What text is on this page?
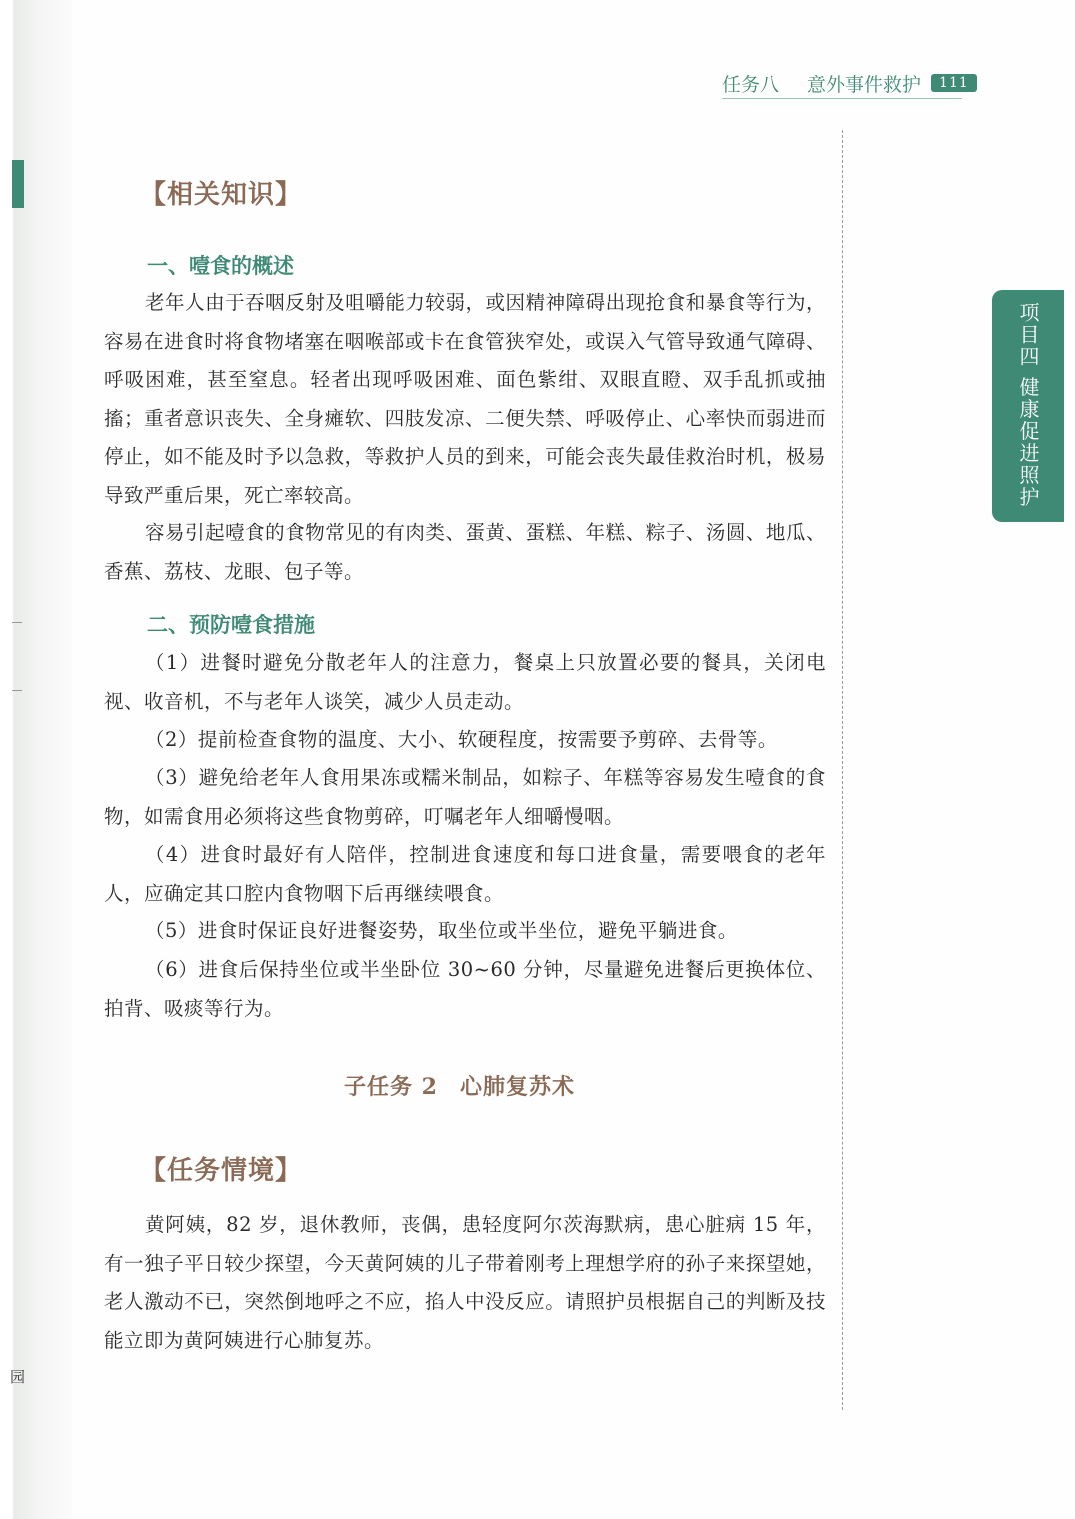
园
任务八 意外事件救护	111
项目四 健康促进照护
【相关知识】
一、噎食的概述
老年人由于吞咽反射及咀嚼能力较弱，或因精神障碍出现抢食和暴食等行为，容易在进食时将食物堵塞在咽喉部或卡在食管狭窄处，或误入气管导致通气障碍、呼吸困难，甚至窒息。轻者出现呼吸困难、面色紫绀、双眼直瞪、双手乱抓或抽搐；重者意识丧失、全身瘫软、四肢发凉、二便失禁、呼吸停止、心率快而弱进而停止，如不能及时予以急救，等救护人员的到来，可能会丧失最佳救治时机，极易导致严重后果，死亡率较高。
容易引起噎食的食物常见的有肉类、蛋黄、蛋糕、年糕、粽子、汤圆、地瓜、香蕉、荔枝、龙眼、包子等。
二、预防噎食措施
（1）进餐时避免分散老年人的注意力，餐桌上只放置必要的餐具，关闭电视、收音机，不与老年人谈笑，减少人员走动。
（2）提前检查食物的温度、大小、软硬程度，按需要予剪碎、去骨等。
（3）避免给老年人食用果冻或糯米制品，如粽子、年糕等容易发生噎食的食物，如需食用必须将这些食物剪碎，叮嘱老年人细嚼慢咽。
（4）进食时最好有人陪伴，控制进食速度和每口进食量，需要喂食的老年人，应确定其口腔内食物咽下后再继续喂食。
（5）进食时保证良好进餐姿势，取坐位或半坐位，避免平躺进食。
（6）进食后保持坐位或半坐卧位 30~60 分钟，尽量避免进餐后更换体位、拍背、吸痰等行为。
子任务 2 心肺复苏术
【任务情境】
黄阿姨，82 岁，退休教师，丧偶，患轻度阿尔茨海默病，患心脏病 15 年，有一独子平日较少探望，今天黄阿姨的儿子带着刚考上理想学府的孙子来探望她，老人激动不已，突然倒地呼之不应，掐人中没反应。请照护员根据自己的判断及技能立即为黄阿姨进行心肺复苏。
